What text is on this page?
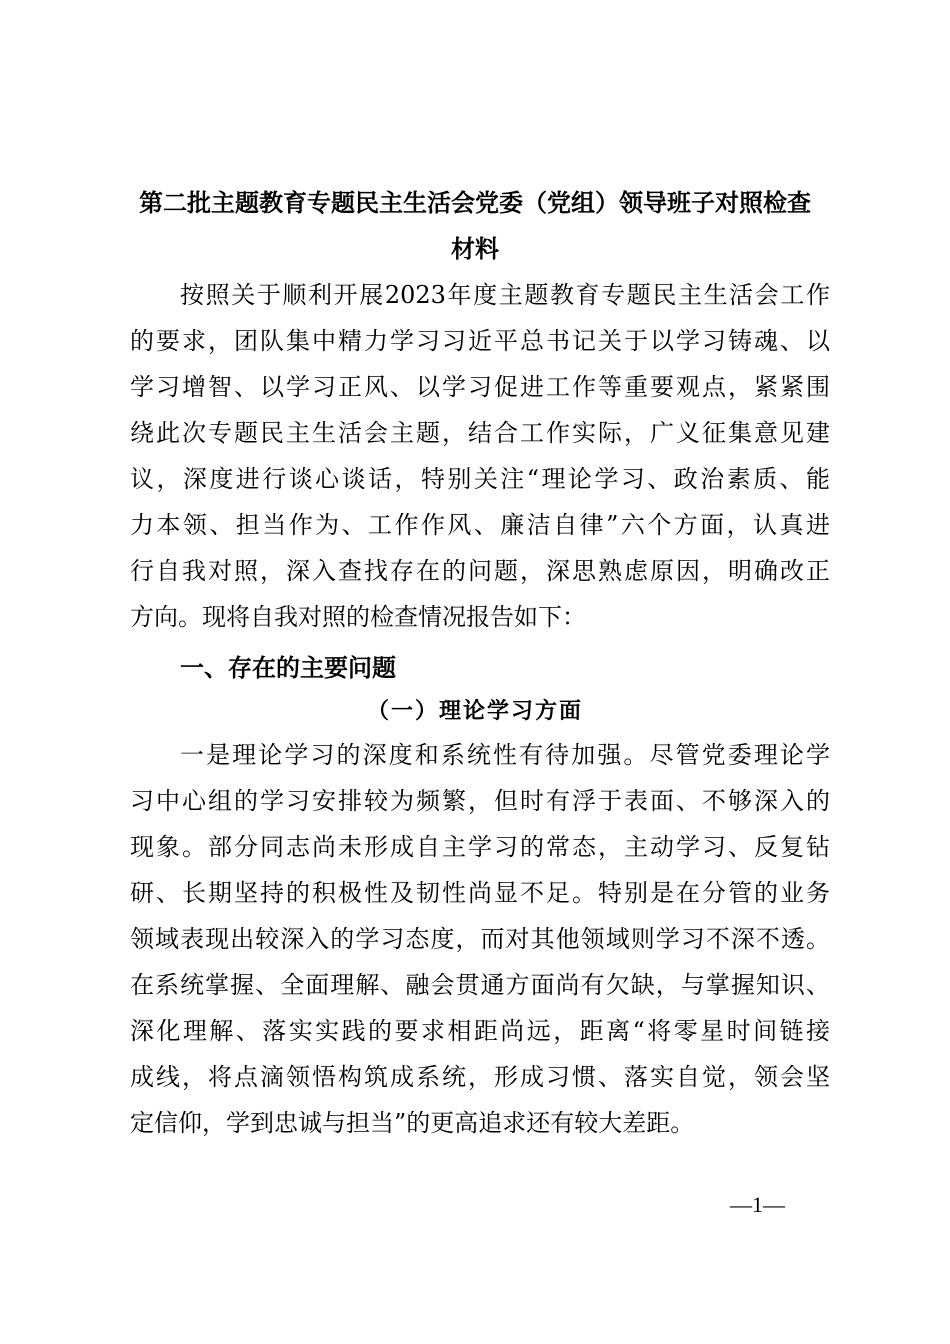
第二批主题教育专题民主生活会党委（党组）领导班子对照检查
材料
按照关于顺利开展2023年度主题教育专题民主生活会工作
的要求，团队集中精力学习习近平总书记关于以学习铸魂、以
学习增智、以学习正风、以学习促进工作等重要观点，紧紧围
绕此次专题民主生活会主题，结合工作实际，广义征集意见建
议，深度进行谈心谈话，特别关注“理论学习、政治素质、能
力本领、担当作为、工作作风、廉洁自律”六个方面，认真进
行自我对照，深入查找存在的问题，深思熟虑原因，明确改正
方向。现将自我对照的检查情况报告如下：
一、存在的主要问题
（一）理论学习方面
一是理论学习的深度和系统性有待加强。尽管党委理论学
习中心组的学习安排较为频繁，但时有浮于表面、不够深入的
现象。部分同志尚未形成自主学习的常态，主动学习、反复钻
研、长期坚持的积极性及韧性尚显不足。特别是在分管的业务
领域表现出较深入的学习态度，而对其他领域则学习不深不透。
在系统掌握、全面理解、融会贯通方面尚有欠缺，与掌握知识、
深化理解、落实实践的要求相距尚远，距离“将零星时间链接
成线，将点滴领悟构筑成系统，形成习惯、落实自觉，领会坚
定信仰，学到忠诚与担当”的更高追求还有较大差距。
—1—
